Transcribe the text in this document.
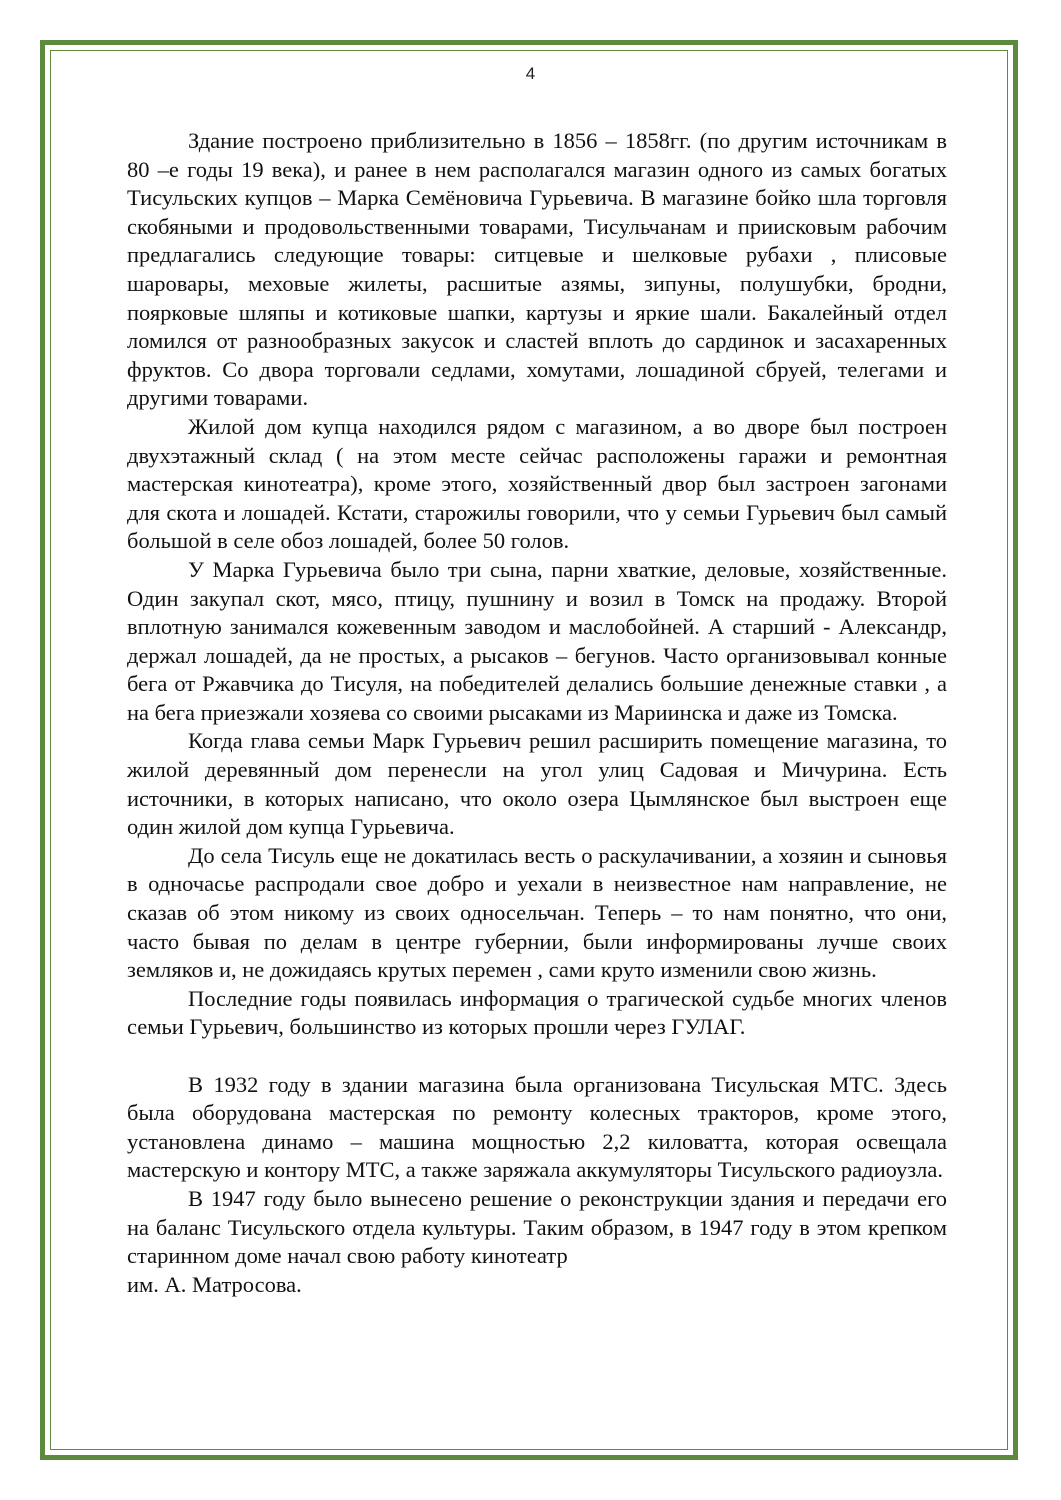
4

Здание построено приблизительно в 1856 – 1858гг. (по другим источникам в 80 –е годы 19 века), и ранее в нем располагался магазин одного из самых богатых Тисульских купцов – Марка Семёновича Гурьевича. В магазине бойко шла торговля скобяными и продовольственными товарами, Тисульчанам и приисковым рабочим предлагались следующие товары: ситцевые и шелковые рубахи , плисовые шаровары, меховые жилеты, расшитые азямы, зипуны, полушубки, бродни, поярковые шляпы и котиковые шапки, картузы и яркие шали. Бакалейный отдел ломился от разнообразных закусок и сластей вплоть до сардинок и засахаренных фруктов. Со двора торговали седлами, хомутами, лошадиной сбруей, телегами и другими товарами.

Жилой дом купца находился рядом с магазином, а во дворе был построен двухэтажный склад ( на этом месте сейчас расположены гаражи и ремонтная мастерская кинотеатра), кроме этого, хозяйственный двор был застроен загонами для скота и лошадей. Кстати, старожилы говорили, что у семьи Гурьевич был самый большой в селе обоз лошадей, более 50 голов.

У Марка Гурьевича было три сына, парни хваткие, деловые, хозяйственные. Один закупал скот, мясо, птицу, пушнину и возил в Томск на продажу. Второй вплотную занимался кожевенным заводом и маслобойней. А старший - Александр, держал лошадей, да не простых, а рысаков – бегунов. Часто организовывал конные бега от Ржавчика до Тисуля, на победителей делались большие денежные ставки , а на бега приезжали хозяева со своими рысаками из Мариинска и даже из Томска.

Когда глава семьи Марк Гурьевич решил расширить помещение магазина, то жилой деревянный дом перенесли на угол улиц Садовая и Мичурина. Есть источники, в которых написано, что около озера Цымлянское был выстроен еще один жилой дом купца Гурьевича.

До села Тисуль еще не докатилась весть о раскулачивании, а хозяин и сыновья в одночасье распродали свое добро и уехали в неизвестное нам направление, не сказав об этом никому из своих односельчан. Теперь – то нам понятно, что они, часто бывая по делам в центре губернии, были информированы лучше своих земляков и, не дожидаясь крутых перемен , сами круто изменили свою жизнь.

Последние годы появилась информация о трагической судьбе многих членов семьи Гурьевич, большинство из которых прошли через ГУЛАГ.

В 1932 году в здании магазина была организована Тисульская МТС. Здесь была оборудована мастерская по ремонту колесных тракторов, кроме этого, установлена динамо – машина мощностью 2,2 киловатта, которая освещала мастерскую и контору МТС, а также заряжала аккумуляторы Тисульского радиоузла.

В 1947 году было вынесено решение о реконструкции здания и передачи его на баланс Тисульского отдела культуры. Таким образом, в 1947 году в этом крепком старинном доме начал свою работу кинотеатр

им. А. Матросова.
